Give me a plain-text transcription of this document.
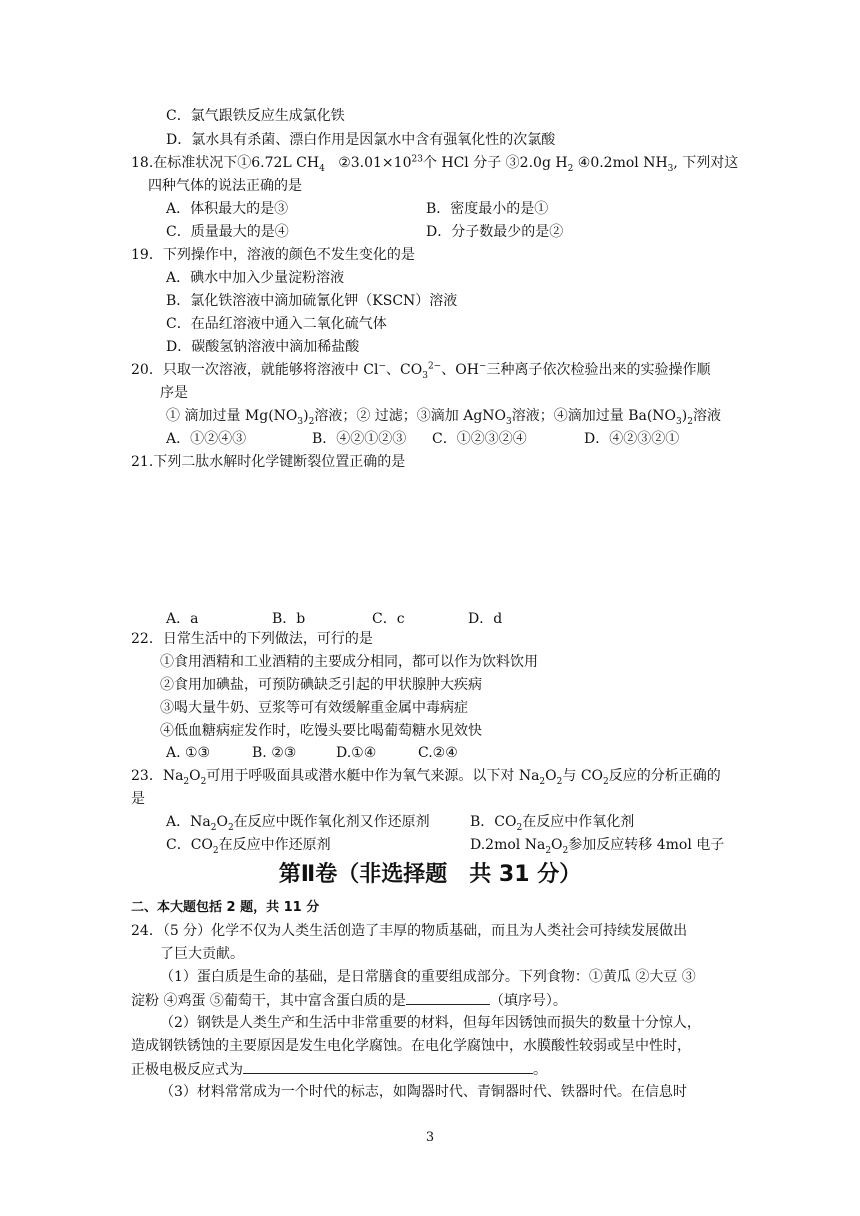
C．氯气跟铁反应生成氯化铁
D．氯水具有杀菌、漂白作用是因氯水中含有强氧化性的次氯酸
18.在标准状况下①6.72L $CH_4$ $②3.01\times 10^{23}$个 HCl 分子 ③2.0g $H_2$ ④0.2mol $NH_3$, 下列对这
四种气体的说法正确的是
A．体积最大的是③	B．密度最小的是①
C．质量最大的是④	D．分子数最少的是②
19．下列操作中，溶液的颜色不发生变化的是
A．碘水中加入少量淀粉溶液
B．氯化铁溶液中滴加硫氰化钾（KSCN）溶液
C．在品红溶液中通入二氧化硫气体
D．碳酸氢钠溶液中滴加稀盐酸
20．只取一次溶液，就能够将溶液中 Cl−、$CO_3^{2-}$、OH−三种离子依次检验出来的实验操作顺
序是
① 滴加过量 $Mg(NO_3)_2$溶液；② 过滤；③滴加 AgNO$_3$溶液；④滴加过量 $Ba(NO_3)_2$溶液
A．①②④③	B．④②①②③ C．①②③②④	D．④②③②①
21.下列二肽水解时化学键断裂位置正确的是
A．a	B．b	C．c	D．d
22．日常生活中的下列做法，可行的是
①食用酒精和工业酒精的主要成分相同，都可以作为饮料饮用
②食用加碘盐，可预防碘缺乏引起的甲状腺肿大疾病
③喝大量牛奶、豆浆等可有效缓解重金属中毒病症
④低血糖病症发作时，吃馒头要比喝葡萄糖水见效快
A. ①③	B. ②③	D.①④	C.②④
23．$Na_2O_2$可用于呼吸面具或潜水艇中作为氧气来源。以下对 $Na_2O_2$与 $CO_2$反应的分析正确的
是
A．$Na_2O_2$在反应中既作氧化剂又作还原剂	B．$CO_2$在反应中作氧化剂
C．$CO_2$在反应中作还原剂	D.2mol $Na_2O_2$参加反应转移 4mol 电子
第Ⅱ卷（非选择题　共 31 分）
二、本大题包括 2 题，共 11 分
24．（5 分）化学不仅为人类生活创造了丰厚的物质基础，而且为人类社会可持续发展做出
了巨大贡献。
（1）蛋白质是生命的基础，是日常膳食的重要组成部分。下列食物：①黄瓜 ②大豆 ③
淀粉 ④鸡蛋 ⑤葡萄干，其中富含蛋白质的是	（填序号）。
（2）钢铁是人类生产和生活中非常重要的材料，但每年因锈蚀而损失的数量十分惊人，
造成钢铁锈蚀的主要原因是发生电化学腐蚀。在电化学腐蚀中，水膜酸性较弱或呈中性时，
正极电极反应式为	。
（3）材料常常成为一个时代的标志，如陶器时代、青铜器时代、铁器时代。在信息时
3
